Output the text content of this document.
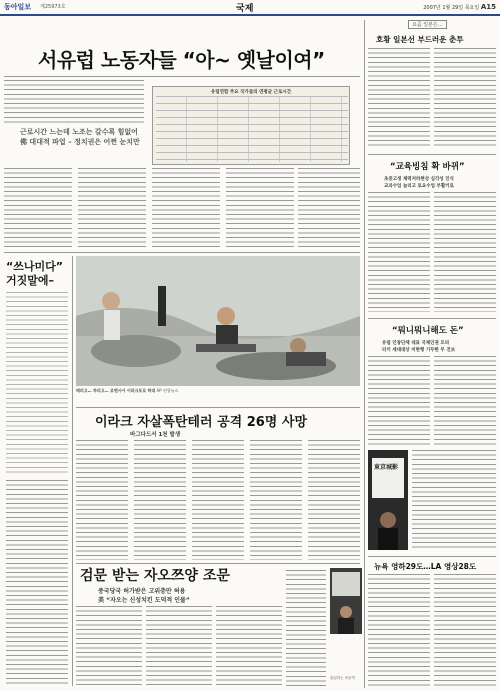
동아일보 제25973호	국제	2007년 1월 29일 목요일 A15
서유럽 노동자들 “아~ 옛날이여”
근로시간 느는데 노조는 갈수록 힘없어
佛 대대적 파업 – 정치권은 어쩐 눈치만
유럽연합 주요 국가들의 연평균 근로시간
“쓰나미다”
거짓말에–
때리고… 차리고… 로맨시아 이라크포로 학대 AP 연합뉴스
이라크 자살폭탄테러 공격 26명 사망
바그다드서 1천 발생
검문 받는 자오쯔양 조문
중국당국 허가받은 고위층만 허용
美 “자오는 신성치킨 도덕적 인물”
출입하는 조문객
요즘 일본은…
호황 일본선 부드러운 춘투
“교육빙침 확 바뀌”
초중고생 체력저하현상 심각성 인식
교과수업 늘리고 토요수업 부활키로
“뭐니뭐니해도 돈”
유럽 인창단체 대표 국제인권 모피
터키 세대대상 미현행 기무한 무 진보
東京城影
뉴욕 영하29도…LA 영상28도
